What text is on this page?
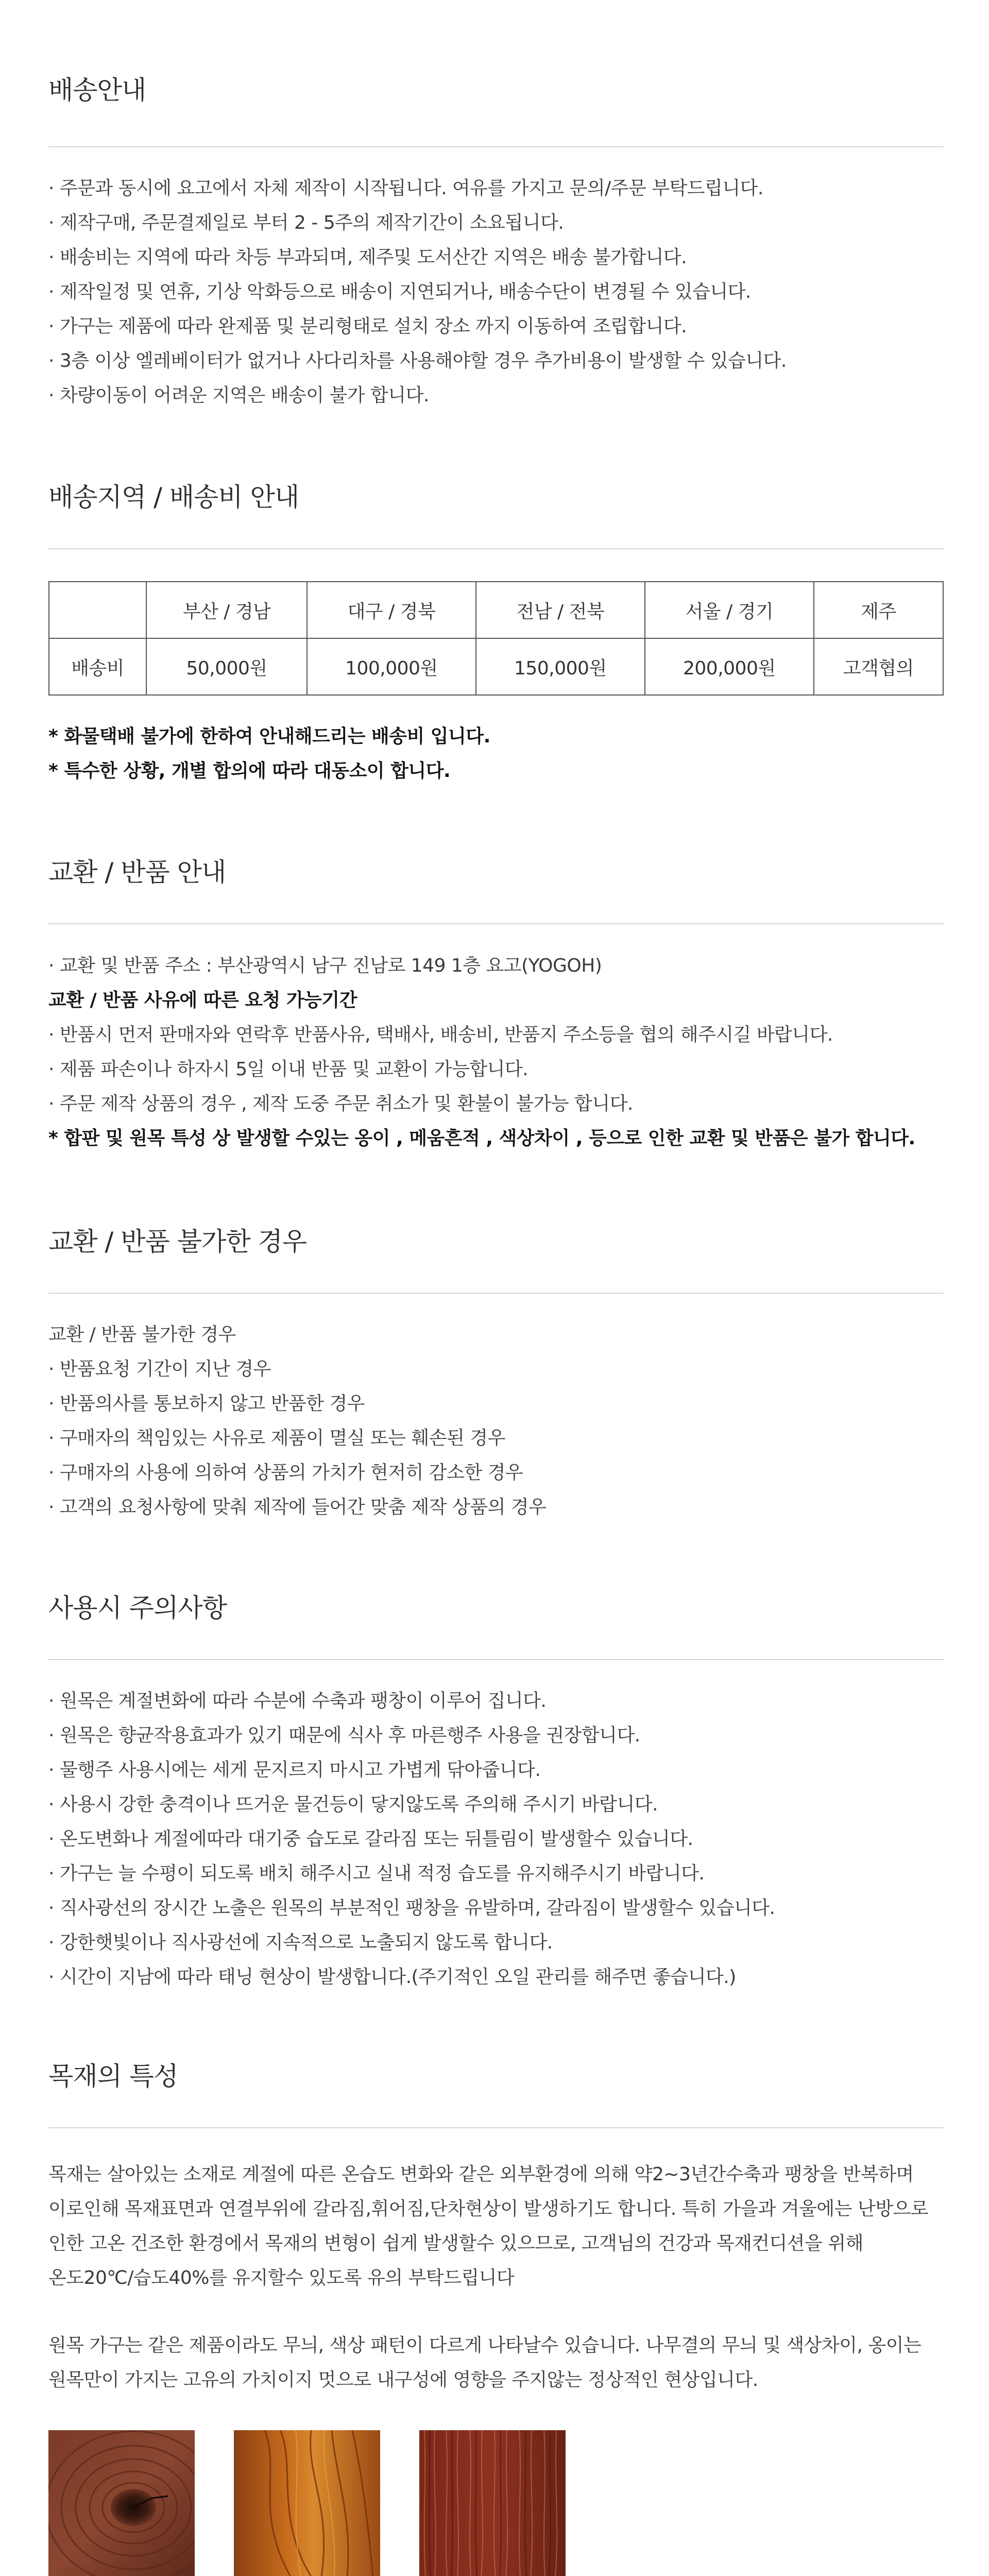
배송안내
· 주문과 동시에 요고에서 자체 제작이 시작됩니다. 여유를 가지고 문의/주문 부탁드립니다.
· 제작구매, 주문결제일로 부터 2 - 5주의 제작기간이 소요됩니다.
· 배송비는 지역에 따라 차등 부과되며, 제주및 도서산간 지역은 배송 불가합니다.
· 제작일정 및 연휴, 기상 악화등으로 배송이 지연되거나, 배송수단이 변경될 수 있습니다.
· 가구는 제품에 따라 완제품 및 분리형태로 설치 장소 까지 이동하여 조립합니다.
· 3층 이상 엘레베이터가 없거나 사다리차를 사용해야할 경우 추가비용이 발생할 수 있습니다.
· 차량이동이 어려운 지역은 배송이 불가 합니다.
배송지역 / 배송비 안내
	부산 / 경남	대구 / 경북	전남 / 전북	서울 / 경기	제주
배송비	50,000원	100,000원	150,000원	200,000원	고객협의
* 화물택배 불가에 한하여 안내해드리는 배송비 입니다.
* 특수한 상황, 개별 합의에 따라 대동소이 합니다.
교환 / 반품 안내
· 교환 및 반품 주소 : 부산광역시 남구 진남로 149 1층 요고(YOGOH)
교환 / 반품 사유에 따른 요청 가능기간
· 반품시 먼저 판매자와 연락후 반품사유, 택배사, 배송비, 반품지 주소등을 협의 해주시길 바랍니다.
· 제품 파손이나 하자시 5일 이내 반품 및 교환이 가능합니다.
· 주문 제작 상품의 경우 , 제작 도중 주문 취소가 및 환불이 불가능 합니다.
* 합판 및 원목 특성 상 발생할 수있는 옹이 , 메움흔적 , 색상차이 , 등으로 인한 교환 및 반품은 불가 합니다.
교환 / 반품 불가한 경우
교환 / 반품 불가한 경우
· 반품요청 기간이 지난 경우
· 반품의사를 통보하지 않고 반품한 경우
· 구매자의 책임있는 사유로 제품이 멸실 또는 훼손된 경우
· 구매자의 사용에 의하여 상품의 가치가 현저히 감소한 경우
· 고객의 요청사항에 맞춰 제작에 들어간 맞춤 제작 상품의 경우
사용시 주의사항
· 원목은 계절변화에 따라 수분에 수축과 팽창이 이루어 집니다.
· 원목은 향균작용효과가 있기 때문에 식사 후 마른행주 사용을 권장합니다.
· 물행주 사용시에는 세게 문지르지 마시고 가볍게 닦아줍니다.
· 사용시 강한 충격이나 뜨거운 물건등이 닿지않도록 주의해 주시기 바랍니다.
· 온도변화나 계절에따라 대기중 습도로 갈라짐 또는 뒤틀림이 발생할수 있습니다.
· 가구는 늘 수평이 되도록 배치 해주시고 실내 적정 습도를 유지해주시기 바랍니다.
· 직사광선의 장시간 노출은 원목의 부분적인 팽창을 유발하며, 갈라짐이 발생할수 있습니다.
· 강한햇빛이나 직사광선에 지속적으로 노출되지 않도록 합니다.
· 시간이 지남에 따라 태닝 현상이 발생합니다.(주기적인 오일 관리를 해주면 좋습니다.)
목재의 특성
목재는 살아있는 소재로 계절에 따른 온습도 변화와 같은 외부환경에 의해 약2~3년간수축과 팽창을 반복하며
이로인해 목재표면과 연결부위에 갈라짐,휘어짐,단차현상이 발생하기도 합니다. 특히 가을과 겨울에는 난방으로
인한 고온 건조한 환경에서 목재의 변형이 쉽게 발생할수 있으므로, 고객님의 건강과 목재컨디션을 위해
온도20℃/습도40%를 유지할수 있도록 유의 부탁드립니다
원목 가구는 같은 제품이라도 무늬, 색상 패턴이 다르게 나타날수 있습니다. 나무결의 무늬 및 색상차이, 옹이는
원목만이 가지는 고유의 가치이지 멋으로 내구성에 영향을 주지않는 정상적인 현상입니다.
